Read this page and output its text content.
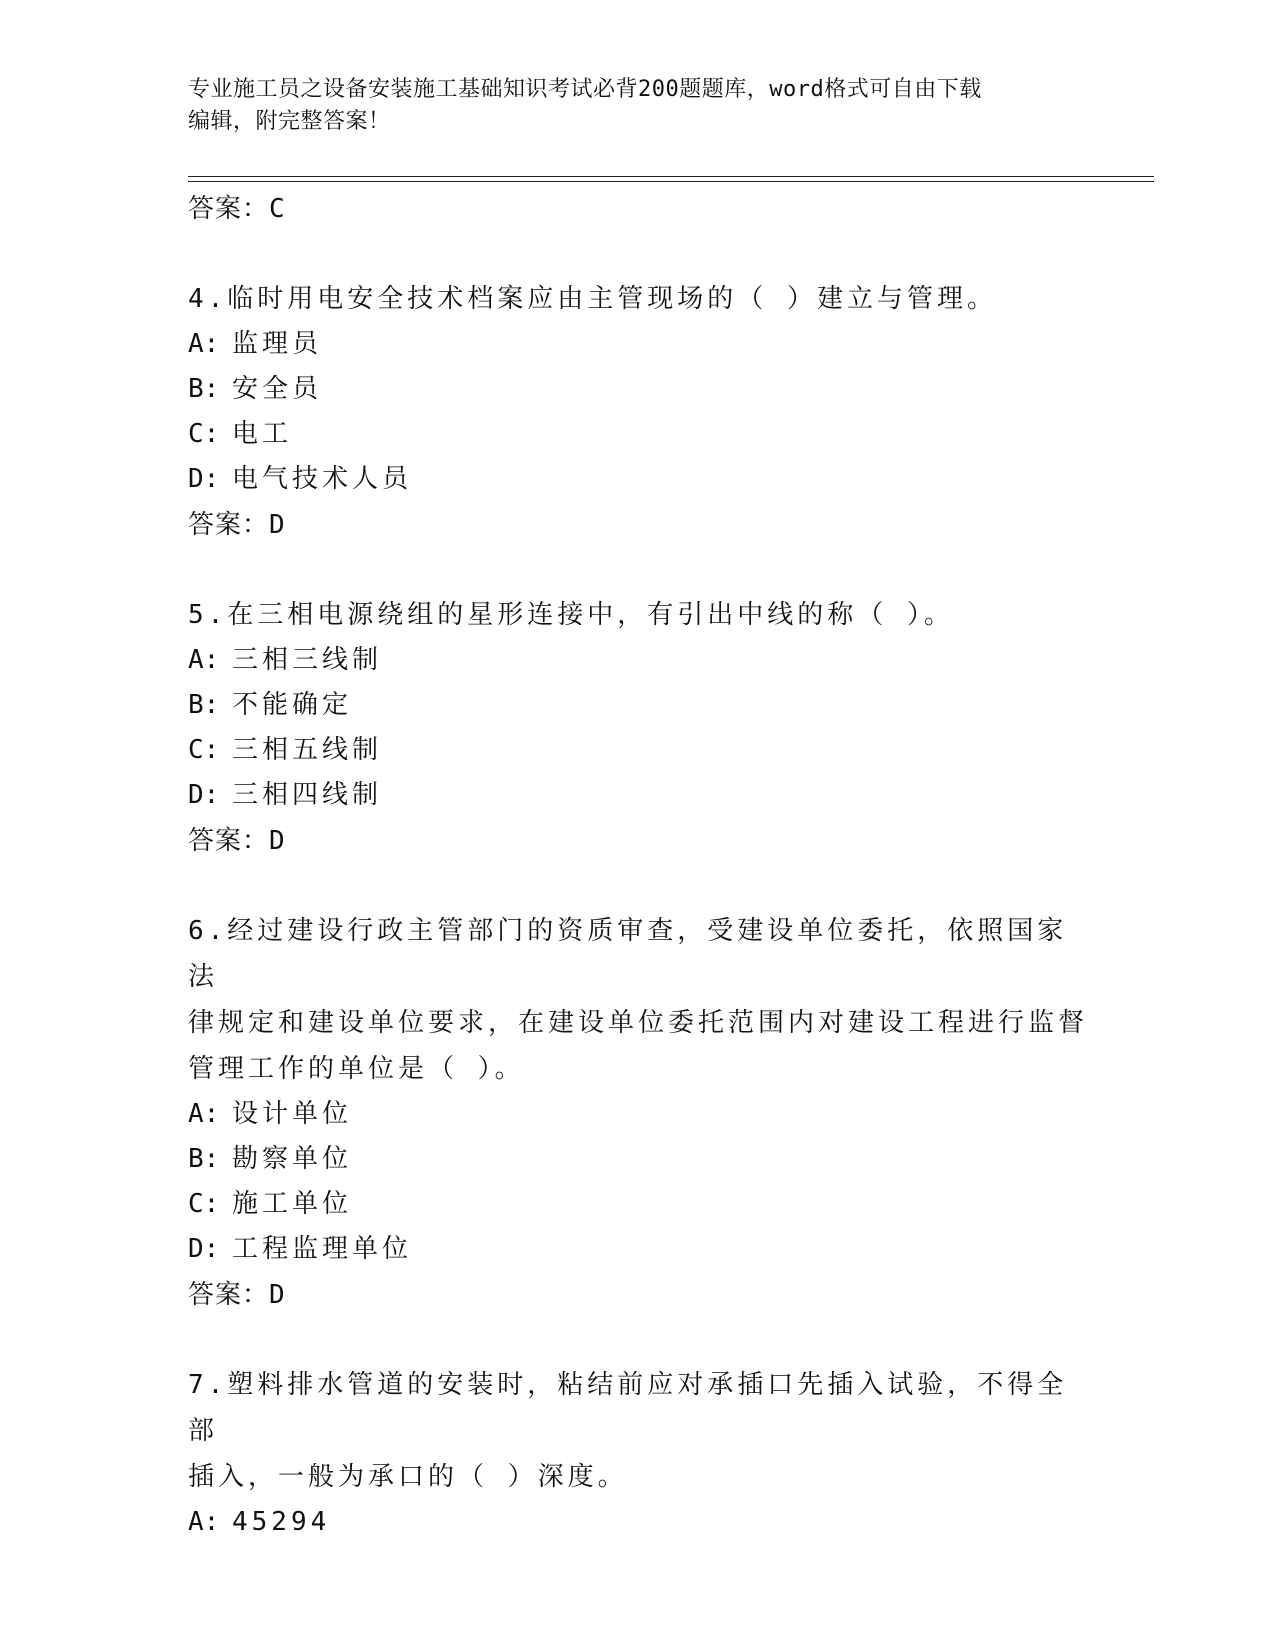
专业施工员之设备安装施工基础知识考试必背200题题库，word格式可自由下载
编辑，附完整答案！
答案：C

4.临时用电安全技术档案应由主管现场的（ ）建立与管理。

A: 监理员

B: 安全员

C: 电工

D: 电气技术人员

答案：D

5.在三相电源绕组的星形连接中，有引出中线的称（ ）。

A: 三相三线制

B: 不能确定

C: 三相五线制

D: 三相四线制

答案：D

6.经过建设行政主管部门的资质审查，受建设单位委托，依照国家法

律规定和建设单位要求，在建设单位委托范围内对建设工程进行监督

管理工作的单位是（ ）。

A: 设计单位

B: 勘察单位

C: 施工单位

D: 工程监理单位

答案：D

7.塑料排水管道的安装时，粘结前应对承插口先插入试验，不得全部

插入，一般为承口的（ ）深度。

A: 45294
